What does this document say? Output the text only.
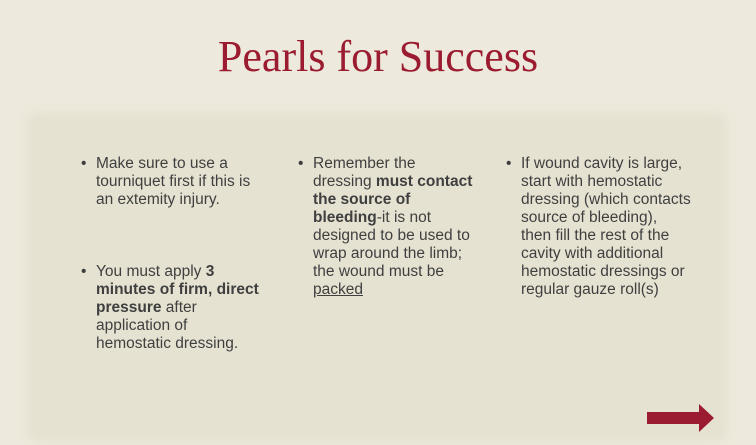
Pearls for Success
• Make sure to use a tourniquet first if this is an extemity injury.
• You must apply 3 minutes of firm, direct pressure after application of hemostatic dressing.
• Remember the dressing must contact the source of bleeding-it is not designed to be used to wrap around the limb; the wound must be packed
• If wound cavity is large, start with hemostatic dressing (which contacts source of bleeding), then fill the rest of the cavity with additional hemostatic dressings or regular gauze roll(s)
